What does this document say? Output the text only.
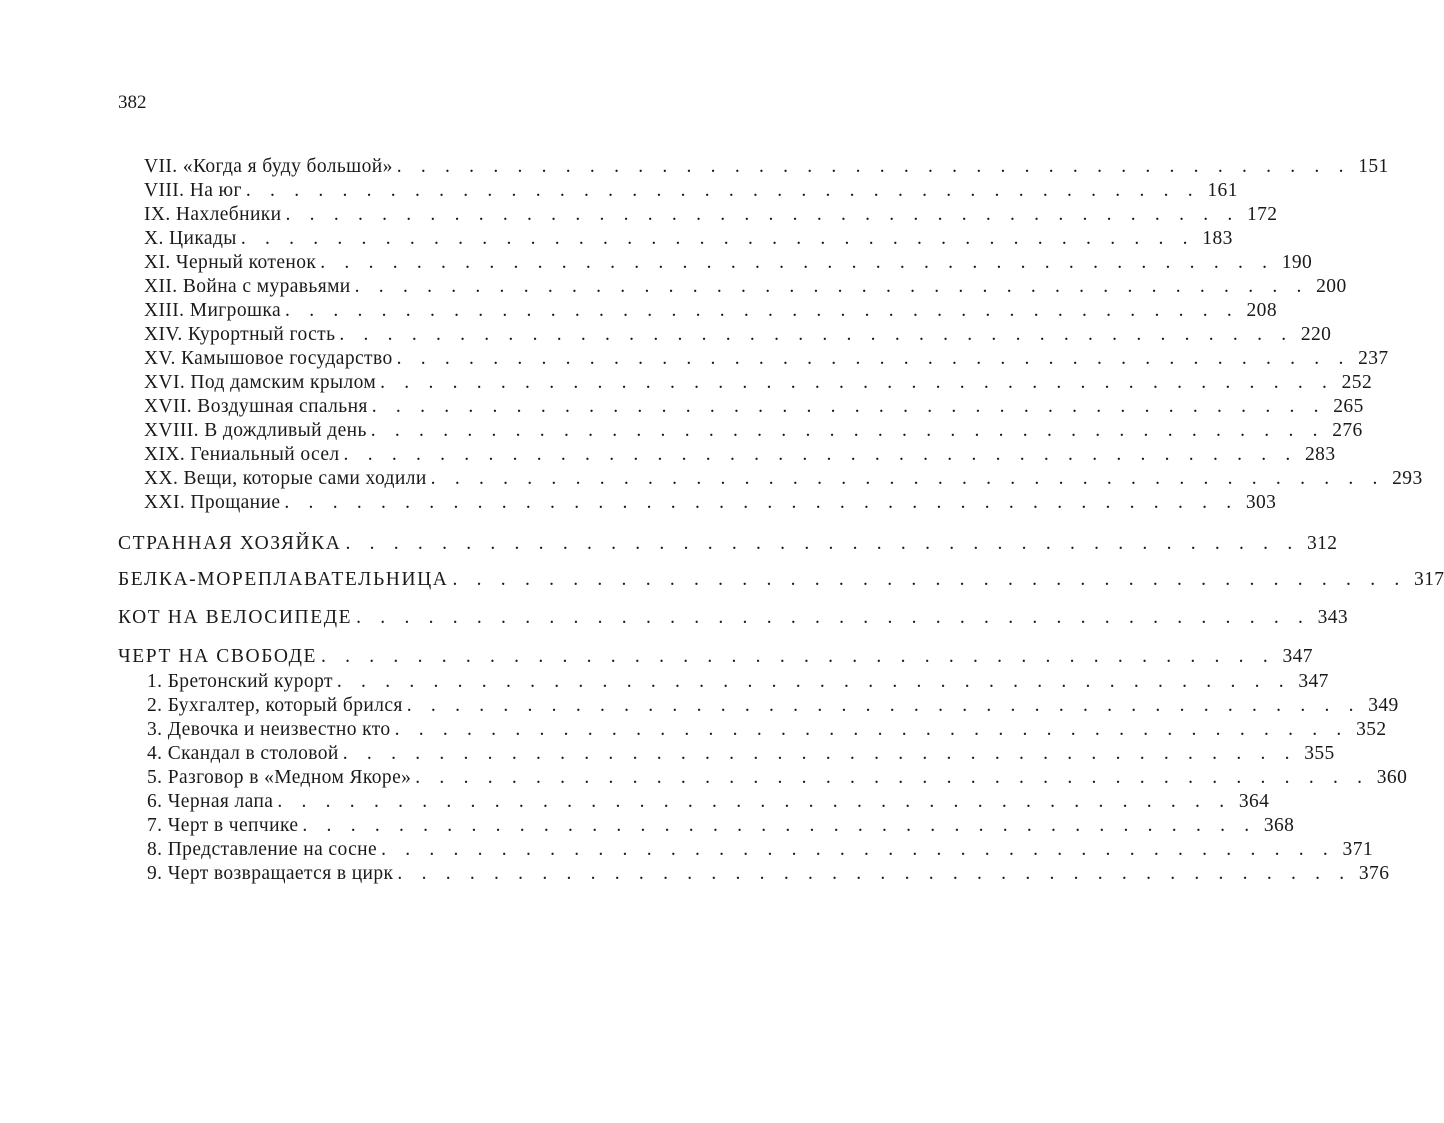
382
VII. «Когда я буду большой» . . . . . . . . . . . . . . . . . . . . . . . . . . . . . . . . . . . . . . . . 151
VIII. На юг . . . . . . . . . . . . . . . . . . . . . . . . . . . . . . . . . . . . . . . . 161
IX. Нахлебники . . . . . . . . . . . . . . . . . . . . . . . . . . . . . . . . . . . . . . . . 172
X. Цикады . . . . . . . . . . . . . . . . . . . . . . . . . . . . . . . . . . . . . . . . 183
XI. Черный котенок . . . . . . . . . . . . . . . . . . . . . . . . . . . . . . . . . . . . . . . . 190
XII. Война с муравьями . . . . . . . . . . . . . . . . . . . . . . . . . . . . . . . . . . . . . . . . 200
XIII. Мигрошка . . . . . . . . . . . . . . . . . . . . . . . . . . . . . . . . . . . . . . . . 208
XIV. Курортный гость . . . . . . . . . . . . . . . . . . . . . . . . . . . . . . . . . . . . . . . . 220
XV. Камышовое государство . . . . . . . . . . . . . . . . . . . . . . . . . . . . . . . . . . . . . . . . 237
XVI. Под дамским крылом . . . . . . . . . . . . . . . . . . . . . . . . . . . . . . . . . . . . . . . . 252
XVII. Воздушная спальня . . . . . . . . . . . . . . . . . . . . . . . . . . . . . . . . . . . . . . . . 265
XVIII. В дождливый день . . . . . . . . . . . . . . . . . . . . . . . . . . . . . . . . . . . . . . . . 276
XIX. Гениальный осел . . . . . . . . . . . . . . . . . . . . . . . . . . . . . . . . . . . . . . . . 283
XX. Вещи, которые сами ходили . . . . . . . . . . . . . . . . . . . . . . . . . . . . . . . . . . . . . . . . 293
XXI. Прощание . . . . . . . . . . . . . . . . . . . . . . . . . . . . . . . . . . . . . . . . 303
СТРАННАЯ ХОЗЯЙКА . . . . . . . . . . . . . . . . . . . . . . . . . . . . . . . . . . . . . . . . 312
БЕЛКА-МОРЕПЛАВАТЕЛЬНИЦА . . . . . . . . . . . . . . . . . . . . . . . . . . . . . . . . . . . . . . . . 317
КОТ НА ВЕЛОСИПЕДЕ . . . . . . . . . . . . . . . . . . . . . . . . . . . . . . . . . . . . . . . . 343
ЧЕРТ НА СВОБОДЕ . . . . . . . . . . . . . . . . . . . . . . . . . . . . . . . . . . . . . . . . 347
1. Бретонский курорт . . . . . . . . . . . . . . . . . . . . . . . . . . . . . . . . . . . . . . . . 347
2. Бухгалтер, который брился . . . . . . . . . . . . . . . . . . . . . . . . . . . . . . . . . . . . . . . . 349
3. Девочка и неизвестно кто . . . . . . . . . . . . . . . . . . . . . . . . . . . . . . . . . . . . . . . . 352
4. Скандал в столовой . . . . . . . . . . . . . . . . . . . . . . . . . . . . . . . . . . . . . . . . 355
5. Разговор в «Медном Якоре» . . . . . . . . . . . . . . . . . . . . . . . . . . . . . . . . . . . . . . . . 360
6. Черная лапа . . . . . . . . . . . . . . . . . . . . . . . . . . . . . . . . . . . . . . . . 364
7. Черт в чепчике . . . . . . . . . . . . . . . . . . . . . . . . . . . . . . . . . . . . . . . . 368
8. Представление на сосне . . . . . . . . . . . . . . . . . . . . . . . . . . . . . . . . . . . . . . . . 371
9. Черт возвращается в цирк . . . . . . . . . . . . . . . . . . . . . . . . . . . . . . . . . . . . . . . . 376
